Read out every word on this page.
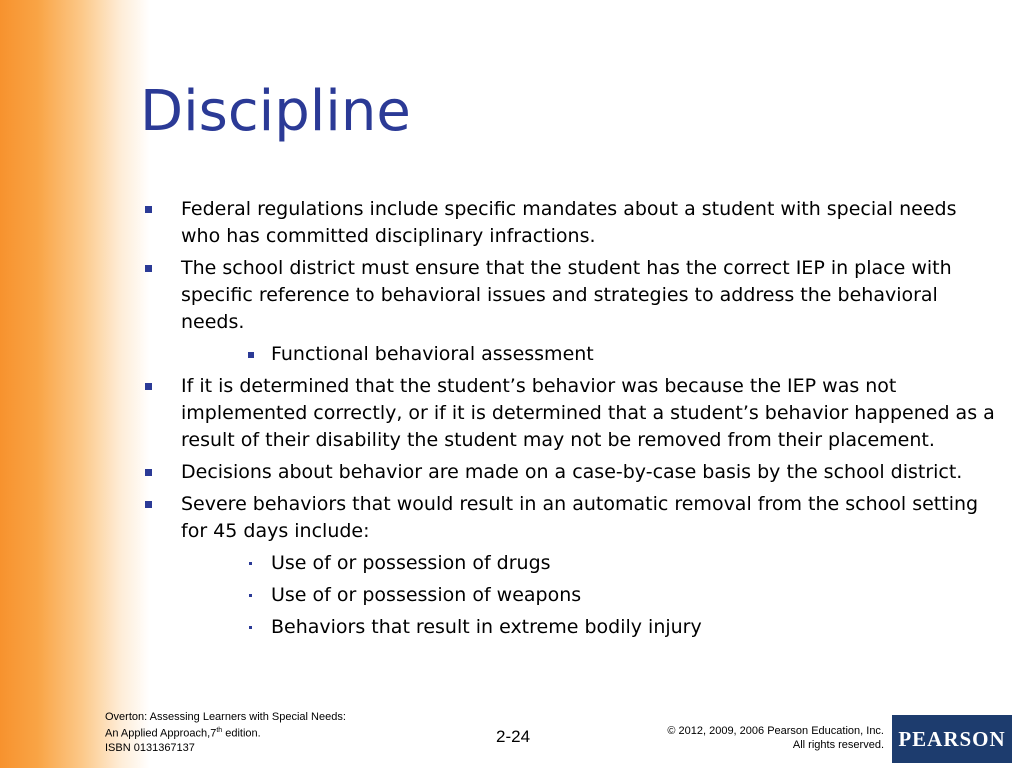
Discipline
Federal regulations include specific mandates about a student with special needs who has committed disciplinary infractions.
The school district must ensure that the student has the correct IEP in place with specific reference to behavioral issues and strategies to address the behavioral needs.
Functional behavioral assessment
If it is determined that the student’s behavior was because the IEP was not implemented correctly, or if it is determined that a student’s behavior happened as a result of their disability the student may not be removed from their placement.
Decisions about behavior are made on a case-by-case basis by the school district.
Severe behaviors that would result in an automatic removal from the school setting for 45 days include:
Use of or possession of drugs
Use of or possession of weapons
Behaviors that result in extreme bodily injury
Overton: Assessing Learners with Special Needs:
An Applied Approach,7th edition.
ISBN 0131367137
2-24	© 2012, 2009, 2006 Pearson Education, Inc.
All rights reserved. PEARSON
